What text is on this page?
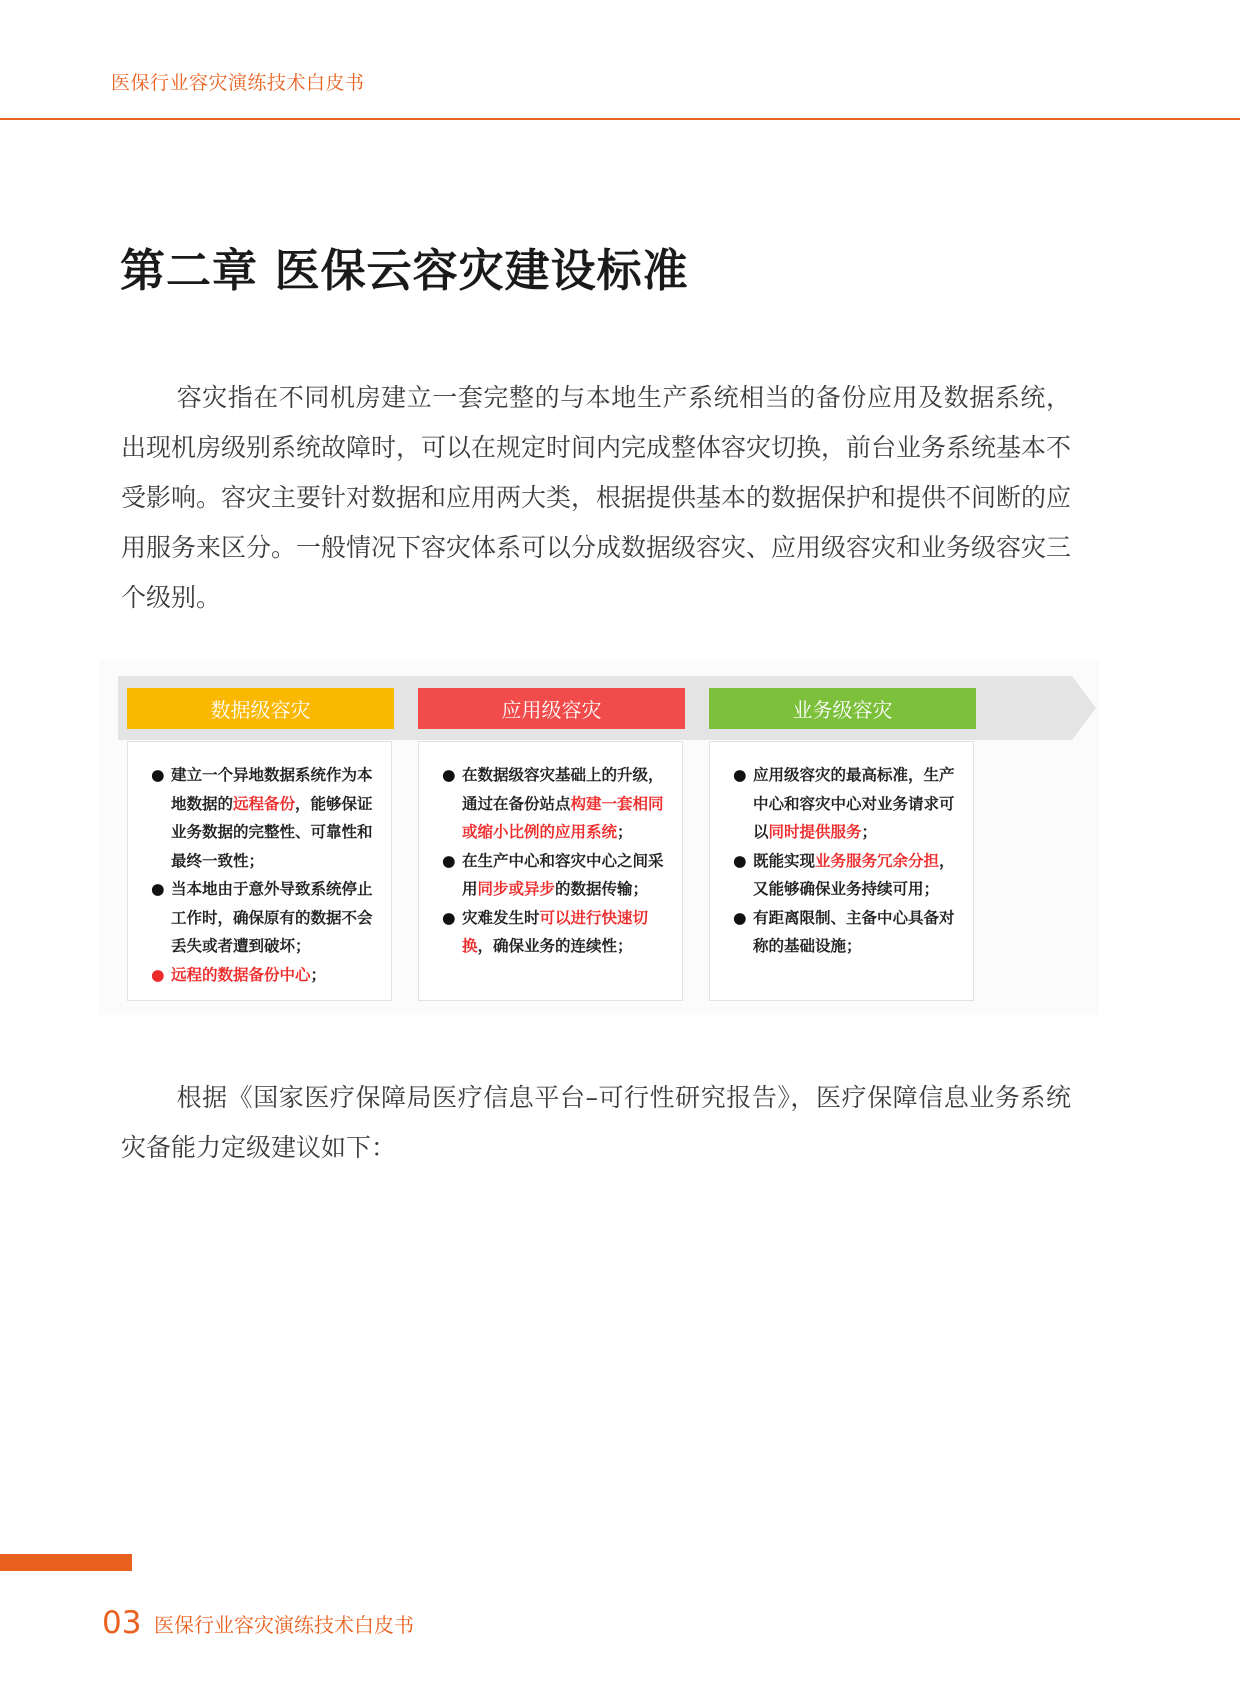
医保行业容灾演练技术白皮书
第二章 医保云容灾建设标准

容灾指在不同机房建立一套完整的与本地生产系统相当的备份应用及数据系统，出现机房级别系统故障时，可以在规定时间内完成整体容灾切换，前台业务系统基本不受影响。容灾主要针对数据和应用两大类，根据提供基本的数据保护和提供不间断的应用服务来区分。一般情况下容灾体系可以分成数据级容灾、应用级容灾和业务级容灾三个级别。

数据级容灾	应用级容灾	业务级容灾
● 建立一个异地数据系统作为本地数据的远程备份，能够保证业务数据的完整性、可靠性和最终一致性；
● 当本地由于意外导致系统停止工作时，确保原有的数据不会丢失或者遭到破坏；
● 远程的数据备份中心；
● 在数据级容灾基础上的升级，通过在备份站点构建一套相同或缩小比例的应用系统；
● 在生产中心和容灾中心之间采用同步或异步的数据传输；
● 灾难发生时可以进行快速切换，确保业务的连续性；
● 应用级容灾的最高标准，生产中心和容灾中心对业务请求可以同时提供服务；
● 既能实现业务服务冗余分担，又能够确保业务持续可用；
● 有距离限制、主备中心具备对称的基础设施；

根据《国家医疗保障局医疗信息平台–可行性研究报告》，医疗保障信息业务系统灾备能力定级建议如下：

03 医保行业容灾演练技术白皮书
